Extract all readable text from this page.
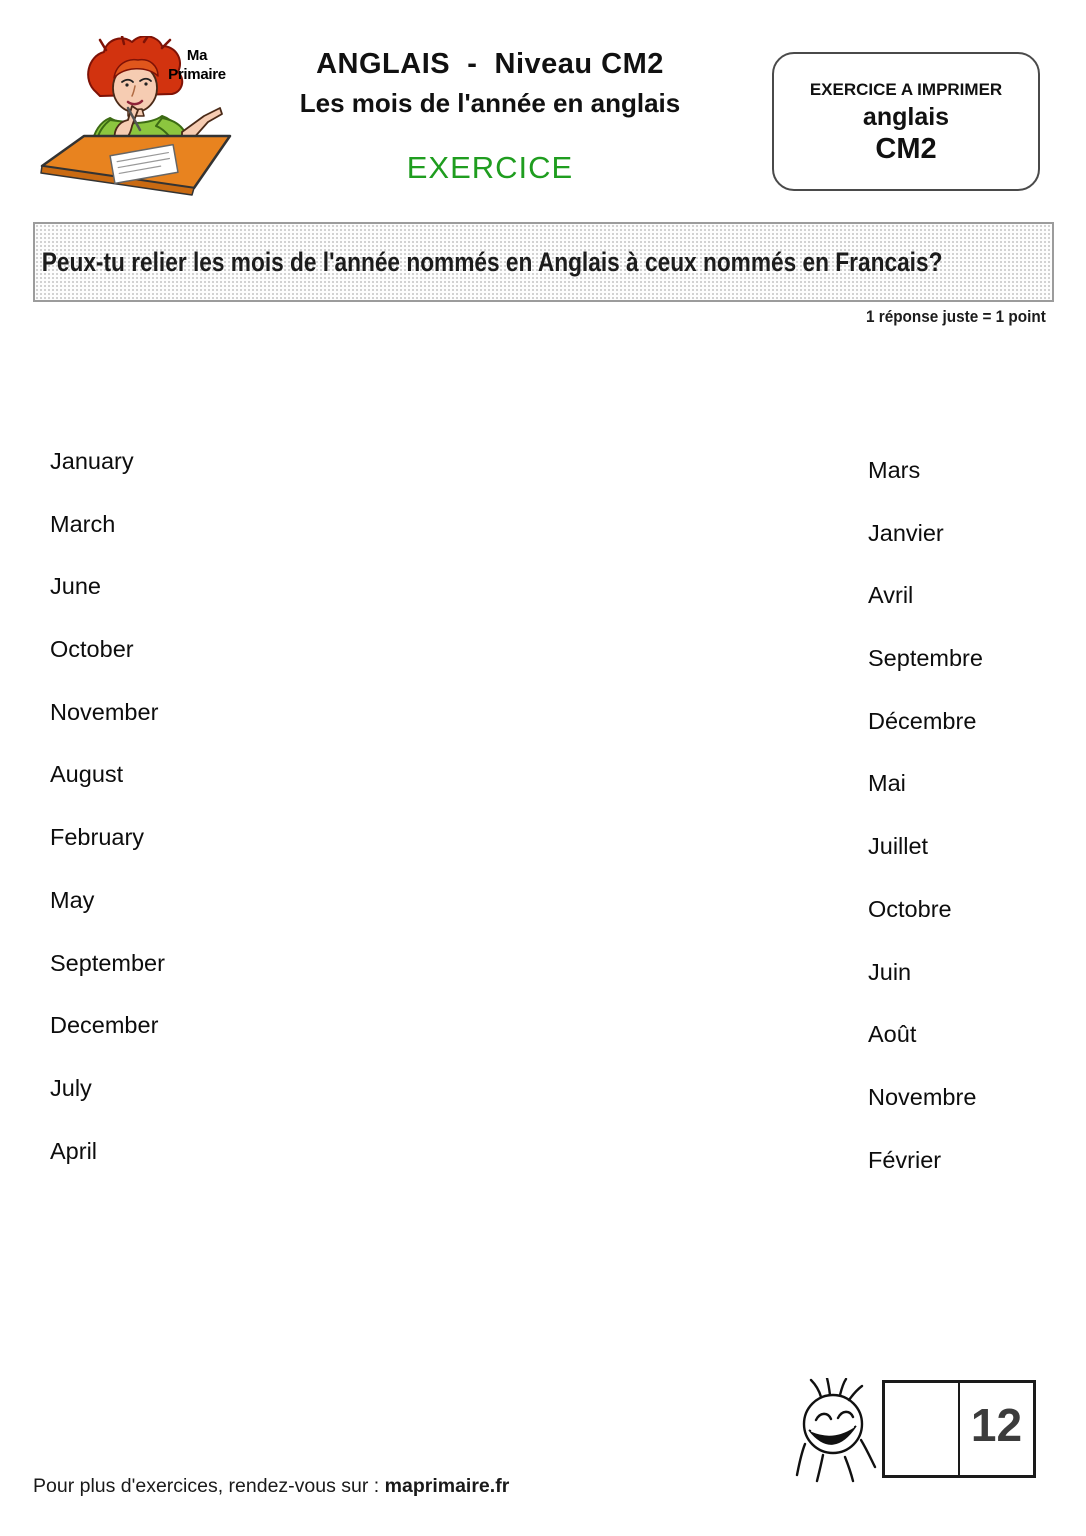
Ma
Primaire	ANGLAIS  -  Niveau CM2
Les mois de l'année en anglais
EXERCICE
EXERCICE A IMPRIMER
anglais
CM2
Peux-tu relier les mois de l'année nommés en Anglais à ceux nommés en Francais?
1 réponse juste = 1 point
January
March
June
October
November
August
February
May
September
December
July
April
Mars
Janvier
Avril
Septembre
Décembre
Mai
Juillet
Octobre
Juin
Août
Novembre
Février
12
Pour plus d'exercices, rendez-vous sur : maprimaire.fr
